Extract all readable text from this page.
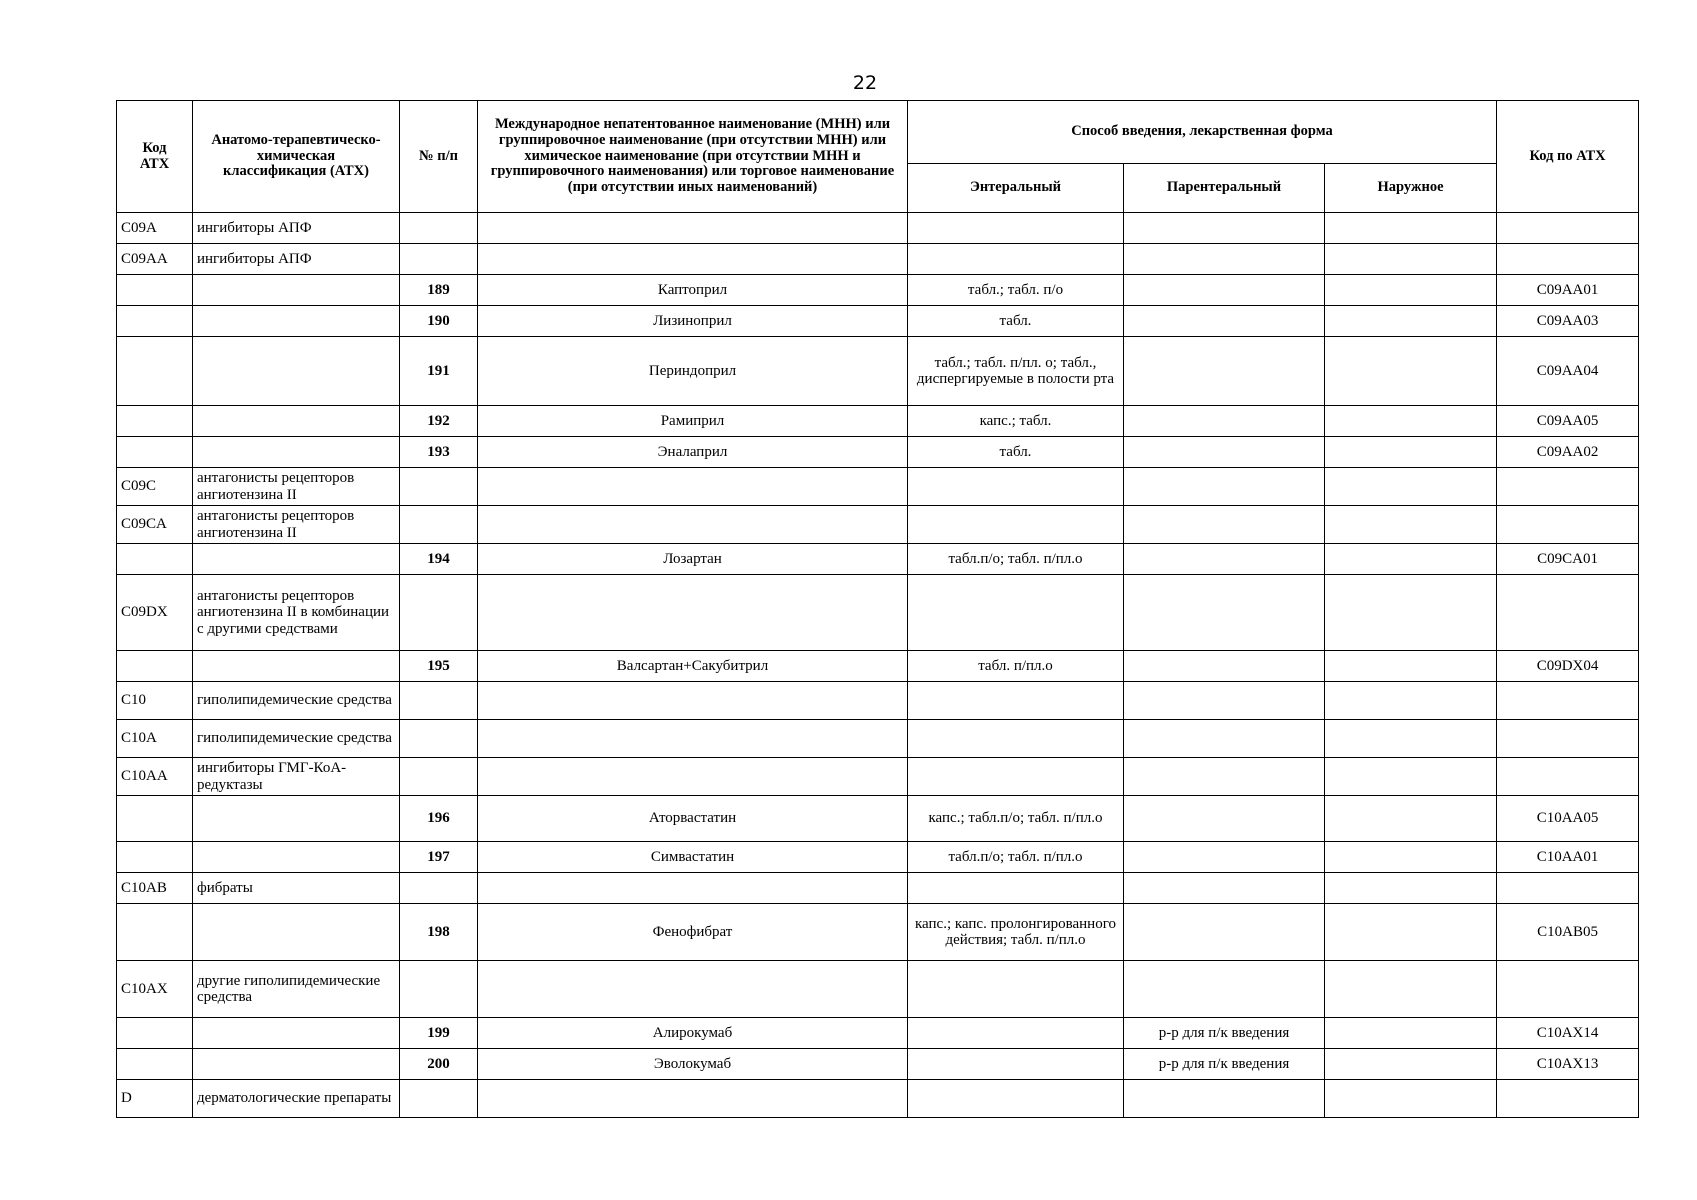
22
Код АТХ	Анатомо-терапевтическо-химическая классификация (АТХ)	№ п/п	Международное непатентованное наименование (МНН) или группировочное наименование (при отсутствии МНН) или химическое наименование (при отсутствии МНН и группировочного наименования) или торговое наименование (при отсутствии иных наименований)	Способ введения, лекарственная форма			Код по АТХ
				Энтеральный	Парентеральный	Наружное	
C09A	ингибиторы АПФ						
C09AA	ингибиторы АПФ						
		189	Каптоприл	табл.; табл. п/о			C09AA01
		190	Лизиноприл	табл.			C09AA03
		191	Периндоприл	табл.; табл. п/пл. о; табл., диспергируемые в полости рта			C09AA04
		192	Рамиприл	капс.; табл.			C09AA05
		193	Эналаприл	табл.			C09AA02
C09C	антагонисты рецепторов ангиотензина II						
C09CA	антагонисты рецепторов ангиотензина II						
		194	Лозартан	табл.п/о; табл. п/пл.о			C09CA01
C09DX	антагонисты рецепторов ангиотензина II в комбинации с другими средствами						
		195	Валсартан+Сакубитрил	табл. п/пл.о			C09DX04
C10	гиполипидемические средства						
C10A	гиполипидемические средства						
C10AA	ингибиторы ГМГ-КоА-редуктазы						
		196	Аторвастатин	капс.; табл.п/о; табл. п/пл.о			C10AA05
		197	Симвастатин	табл.п/о; табл. п/пл.о			C10AA01
C10AB	фибраты						
		198	Фенофибрат	капс.; капс. пролонгированного действия; табл. п/пл.о			C10AB05
C10AX	другие гиполипидемические средства						
		199	Алирокумаб		р-р для п/к введения		C10AX14
		200	Эволокумаб		р-р для п/к введения		C10AX13
D	дерматологические препараты						
